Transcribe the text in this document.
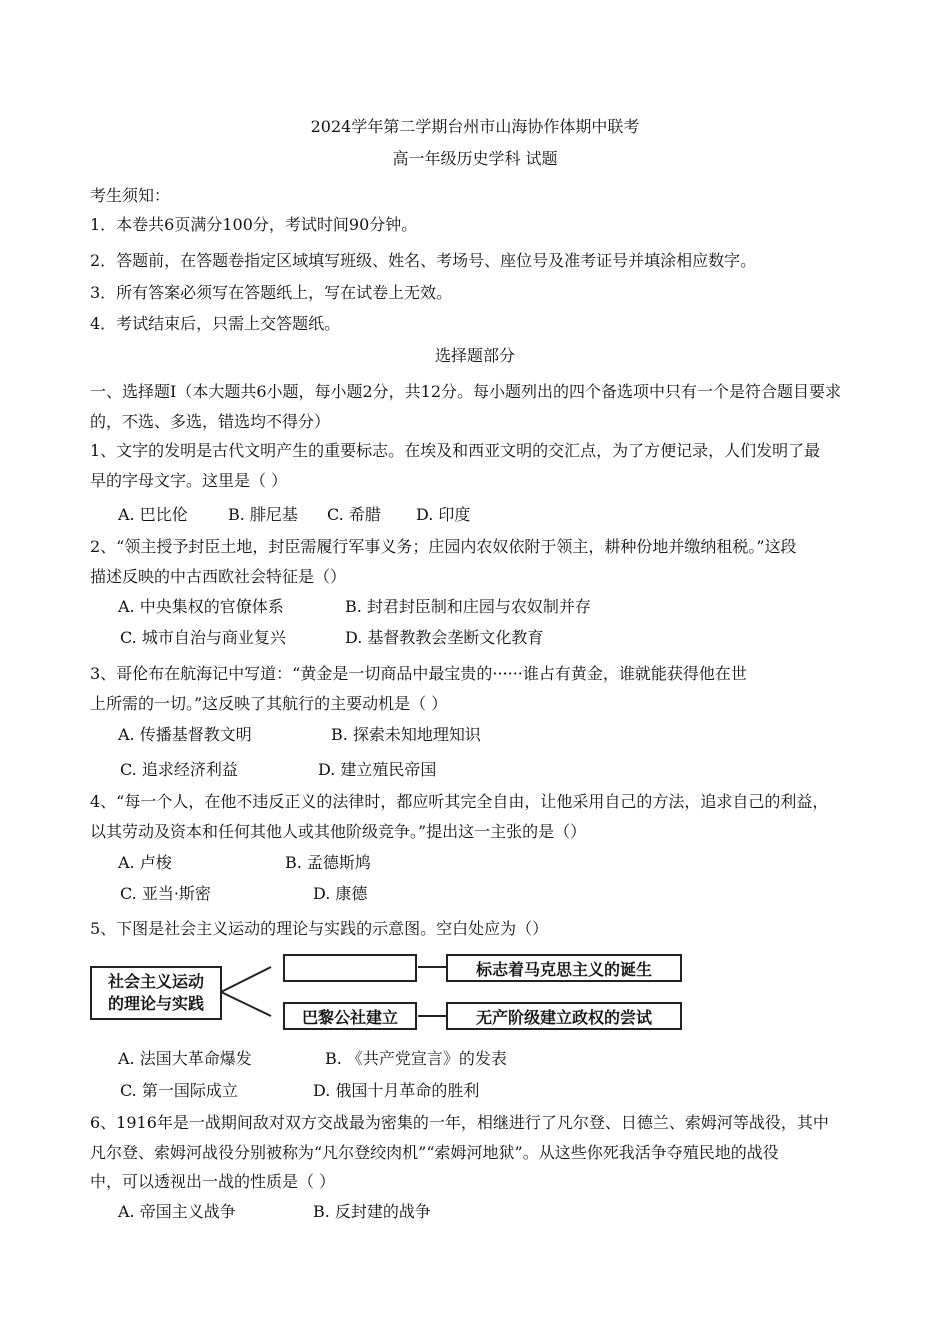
2024学年第二学期台州市山海协作体期中联考
高一年级历史学科 试题
考生须知：
1．本卷共6页满分100分，考试时间90分钟。
2．答题前，在答题卷指定区域填写班级、姓名、考场号、座位号及准考证号并填涂相应数字。
3．所有答案必须写在答题纸上，写在试卷上无效。
4．考试结束后，只需上交答题纸。
选择题部分
一、选择题I（本大题共6小题，每小题2分，共12分。每小题列出的四个备选项中只有一个是符合题目要求的，不选、多选，错选均不得分）
1、文字的发明是古代文明产生的重要标志。在埃及和西亚文明的交汇点，为了方便记录，人们发明了最
早的字母文字。这里是（ ）
A. 巴比伦	B. 腓尼基 C. 希腊 D. 印度
2、“领主授予封臣土地，封臣需履行军事义务；庄园内农奴依附于领主，耕种份地并缴纳租税。”这段
描述反映的中古西欧社会特征是（）
A. 中央集权的官僚体系	B. 封君封臣制和庄园与农奴制并存
C. 城市自治与商业复兴	D. 基督教教会垄断文化教育
3、哥伦布在航海记中写道：“黄金是一切商品中最宝贵的······谁占有黄金，谁就能获得他在世
上所需的一切。”这反映了其航行的主要动机是（ ）
A. 传播基督教文明	B. 探索未知地理知识
C. 追求经济利益	D. 建立殖民帝国
4、“每一个人，在他不违反正义的法律时，都应听其完全自由，让他采用自己的方法，追求自己的利益，
以其劳动及资本和任何其他人或其他阶级竞争。”提出这一主张的是（）
A. 卢梭	B. 孟德斯鸠
C. 亚当·斯密	D. 康德
5、下图是社会主义运动的理论与实践的示意图。空白处应为（）
社会主义运动
的理论与实践
标志着马克思主义的诞生
巴黎公社建立	无产阶级建立政权的尝试
A. 法国大革命爆发	B. 《共产党宣言》的发表
C. 第一国际成立	D. 俄国十月革命的胜利
6、1916年是一战期间敌对双方交战最为密集的一年，相继进行了凡尔登、日德兰、索姆河等战役，其中
凡尔登、索姆河战役分别被称为“凡尔登绞肉机”“索姆河地狱”。从这些你死我活争夺殖民地的战役
中，可以透视出一战的性质是（ ）
A. 帝国主义战争	B. 反封建的战争
